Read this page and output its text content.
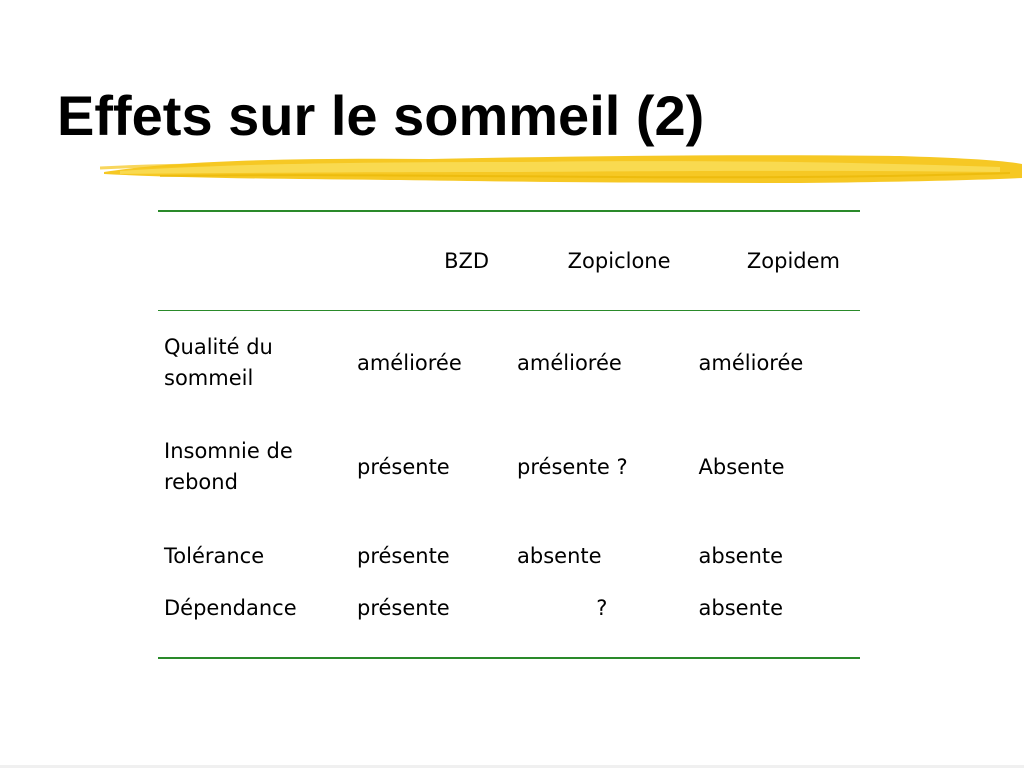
Effets sur le sommeil (2)
	BZD	Zopiclone	Zopidem
Qualité du
sommeil	améliorée	améliorée	améliorée
Insomnie de
rebond	présente	présente ?	Absente
Tolérance	présente	absente	absente
Dépendance	présente	?	absente
